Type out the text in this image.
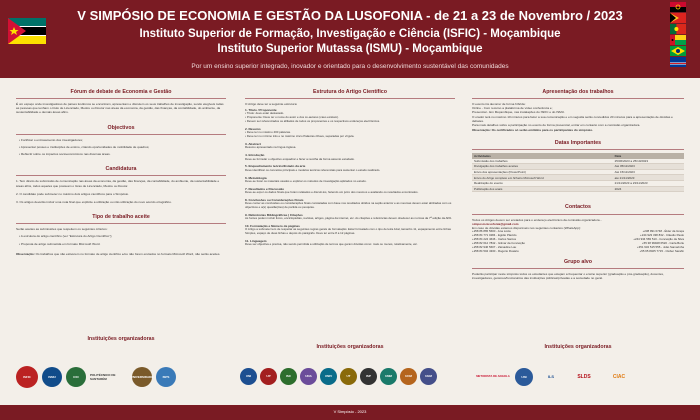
V SIMPÓSIO DE ECONOMIA E GESTÃO DA LUSOFONIA - de 21 a 23 de Novembro / 2023
Instituto Superior de Formação, Investigação e Ciência (ISFIC) - Moçambique
Instituto Superior Mutassa (ISMU) - Moçambique
Por um ensino superior integrado, inovador e orientado para o desenvolvimento sustentável das comunidades
Fórum de debate de Economia e Gestão
É um espaço onde investigadores de países lusófonos se encontram, apresentam e discutem os seus trabalhos de investigação, sendo elegíveis todas as pessoas que tenham o título de Licenciado, Mestre ou Doutor nas áreas da economia, da gestão, das finanças, da contabilidade, do ambiente, da sustentabilidade e demais áreas afins.
Objectivos
• Fortificar o entrosamento dos investigadores;
• Apresentar posses e instituições de ensino, criando oportunidades de mobilidade de quadros;
• Reflectir sobre os impactos socioeconómicos nas diversas áreas.
Candidatura
1. Tem direito de submissão de comunicação nas áreas da economia, da gestão, das finanças, da contabilidade, do ambiente, da sustentabilidade e áreas afins, todos aqueles que possuam o Grau de Licenciado, Mestre ou Doutor.
2. O candidato pode submeter no máximo dois artigos científicos para o Simpósio.
3. Os artigos deverão incluir uma nota final que explicite a utilização ou não utilização do novo acordo ortográfico.
Tipo de trabalho aceite
Serão aceites as submissões que respeitem os seguintes critérios:
• A estrutura do artigo científico (ver "Estrutura do Artigo Científico");
• Proposta de artigo submetida em formato Microsoft Word.
Observação: Os trabalhos que não estiverem no formato de artigo científico e/ou não forem enviados no formato Microsoft Word, não serão aceites.
Estrutura do Artigo Científico
O Artigo deve ter a seguinte estrutura:
1. Título / Proponente
• Título: deve estar destacado.
• Proponente: Deve ter o nome do autor e dos co-autores (caso existam).
• Devem ser referenciados os afiliados de todos os proponentes e os respectivos endereços electrónicos.
2. Resumo
• Deve ter no máximo 400 palavras.
• Deve ter no mínimo três e no máximo cinco Palavras-Chave, separadas por vírgula.
3. Abstract
Resumo apresentado na língua inglesa.
4. Introdução
Deve-se formular o objectivo enquadrar e fazer a recolha da forma assunto estudado.
5. Enquadramento teórico/Estado da arte
Deve identificar os conceitos principais e modelos teóricos referenciais para sustentar o estudo realizado.
6. Metodologia
Deve-se focar os materiais usados e explicar os métodos de investigação aplicados no estudo.
7. Resultados e Discussão
Deve-se expor os dados finais que foram relatados e discuti-los, fazendo um juízo dos mesmos e avaliando os resultados encontrados.
8. Conclusões ou Considerações Finais
Deve conter as conclusões ou considerações finais constatadas com base nos resultados obtidos na seção anterior e as mesmas devem estar alinhadas com os objectivos e a(s) questão(ões) de partida ou pesquisa.
9. Referências Bibliográficas | Citações
As fontes podem incluir livros, enciclopédias, revistas, artigos, página da internet, etc. As citações e referências devem obedecer as normas da 7ª edição da APA.
10. Formatação e Número de páginas
O Artigo a submeter tem de respeitar as seguintes regras gerais de formatação: Estar formatado com o tipo de letra Arial, tamanho 11, espaçamento entre linhas Simples, espaço de duas linhas e depois do parágrafo. Deve ter entre 8 a 12 páginas.
11. Linguagem
Deve ser objectiva e precisa, não sendo permitida a utilização de termos que geram dúvidas como: mais ou menos, relativamente, etc.
Apresentação dos trabalhos
O evento irá decorrer de forma híbrida:
Online - Com recurso a plataforma de vídeo conferência e;
Presencial - Em Moçambique, nas instalações do ISFIC e do ISMU.
O orador terá no máximo 10 minutos para fazer a sua comunicação e em seguida serão concedidos 20 minutos para a apresentação de dúvidas e debates.
Para mais detalhes sobre a participação no evento de forma presencial, entrar em contacto com a comissão organizadora.
Observação: Os certificados só serão emitidos para os participantes do simpósio.
Datas Importantes
Actividades	Data
Submissão dos trabalhos	25/06/2023 a 25/10/2023
Divulgação dos trabalhos aceites	Até 05/11/2023
Envio dos apresentações (PowerPoint)	Até 15/11/2023
Envio do Artigo completo em ficheiro Microsoft Word	até 21/11/2023
Realização do evento	21/11/2023 a 23/11/2023
Publicação dos anais	2024
Contactos
Todos os Artigos devem ser enviados para o endereço electrónico da comissão organizadora -
simposio.lusofonia@gmail.com
Em caso de dúvidas estamos disponíveis nos seguintes contactos (WhatsApp):
+258 86 865 5600 - Ana Lúcia	+238 991 0748 - Élder da Graça
+258 84 771 0284 - Egídio Placido	+244 923 338 832 - Cláudio Paulo
+258 84 224 4646 - Carlos Santos	+244 934 583 510 - Conceição da Silva
+258 82 612 7842 - Gilmar da Conceição	+55 38 99928 6520 - Carla Borle
+258 82 946 5607 - Zainadine Lau	+351 932 515 555 - João Samarinha
+258 84 504 4330 - Rogério Rosário	+55 65 8405 7715 - Cléber Sarafin
Grupo alvo
Poderão participar neste simpósio todos os estudantes que estejam a frequentar o ensino superior (graduação e pós-graduação), docentes, investigadores, gestores/funcionários das instituições públicas/privadas e a sociedade no geral.
Instituições organizadoras
Instituições organizadoras	Instituições organizadoras
ISFIC	ISMU	ICN
POLITÉCNICO DE SANTARÉM
UNIVERSIDADE	ISPS	UNI	UP	ISC	UNA	UNIV	UT	ISP	UNM	UCM	UEM	METODISTA DE ANGOLA	UNI	ILS	SLDS	CIAC
V Simpósio - 2023
